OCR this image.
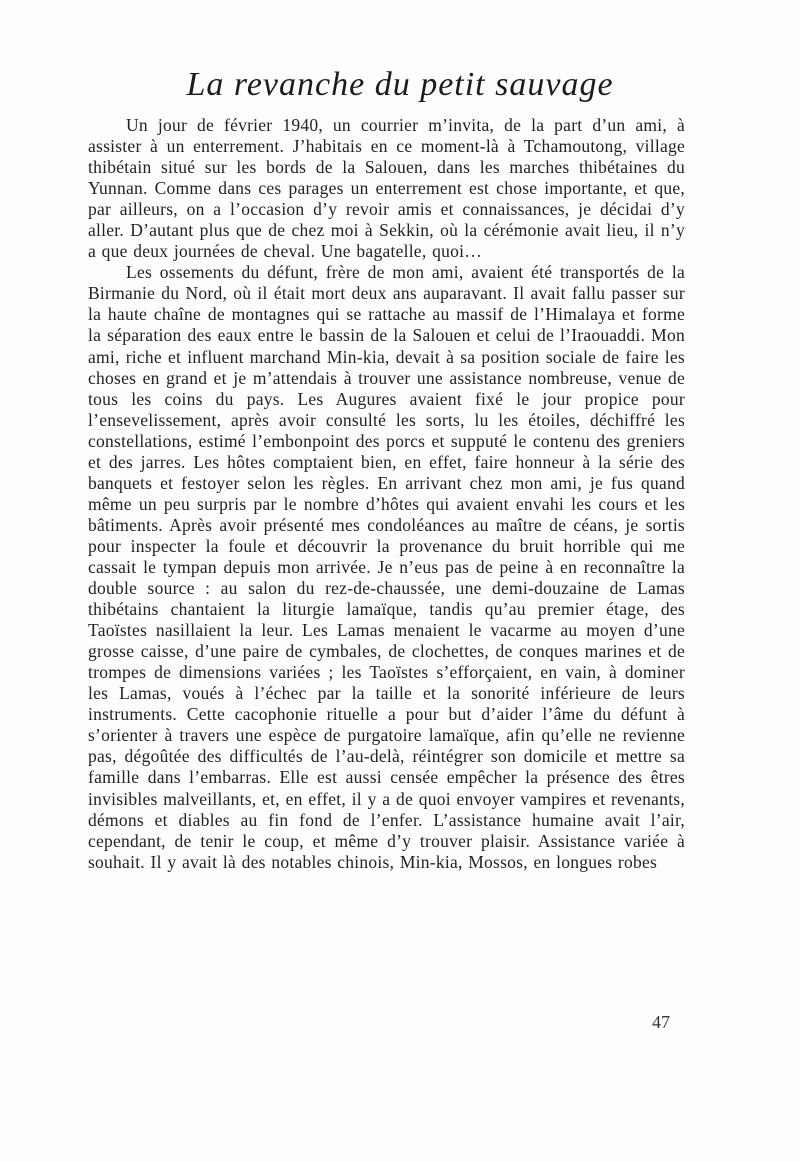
La revanche du petit sauvage

Un jour de février 1940, un courrier m’invita, de la part d’un ami, à assister à un enterrement. J’habitais en ce moment-là à Tchamoutong, village thibétain situé sur les bords de la Salouen, dans les marches thibétaines du Yunnan. Comme dans ces parages un enterrement est chose importante, et que, par ailleurs, on a l’occasion d’y revoir amis et connaissances, je décidai d’y aller. D’autant plus que de chez moi à Sekkin, où la cérémonie avait lieu, il n’y a que deux journées de cheval. Une bagatelle, quoi…

Les ossements du défunt, frère de mon ami, avaient été transportés de la Birmanie du Nord, où il était mort deux ans auparavant. Il avait fallu passer sur la haute chaîne de montagnes qui se rattache au massif de l’Himalaya et forme la séparation des eaux entre le bassin de la Salouen et celui de l’Iraouaddi. Mon ami, riche et influent marchand Min-kia, devait à sa position sociale de faire les choses en grand et je m’attendais à trouver une assistance nombreuse, venue de tous les coins du pays. Les Augures avaient fixé le jour propice pour l’ensevelissement, après avoir consulté les sorts, lu les étoiles, déchiffré les constellations, estimé l’embonpoint des porcs et supputé le contenu des greniers et des jarres. Les hôtes comptaient bien, en effet, faire honneur à la série des banquets et festoyer selon les règles. En arrivant chez mon ami, je fus quand même un peu surpris par le nombre d’hôtes qui avaient envahi les cours et les bâtiments. Après avoir présenté mes condoléances au maître de céans, je sortis pour inspecter la foule et découvrir la provenance du bruit horrible qui me cassait le tympan depuis mon arrivée. Je n’eus pas de peine à en reconnaître la double source : au salon du rez-de-chaussée, une demi-douzaine de Lamas thibétains chantaient la liturgie lamaïque, tandis qu’au premier étage, des Taoïstes nasillaient la leur. Les Lamas menaient le vacarme au moyen d’une grosse caisse, d’une paire de cymbales, de clochettes, de conques marines et de trompes de dimensions variées ; les Taoïstes s’efforçaient, en vain, à dominer les Lamas, voués à l’échec par la taille et la sonorité inférieure de leurs instruments. Cette cacophonie rituelle a pour but d’aider l’âme du défunt à s’orienter à travers une espèce de purgatoire lamaïque, afin qu’elle ne revienne pas, dégoûtée des difficultés de l’au-delà, réintégrer son domicile et mettre sa famille dans l’embarras. Elle est aussi censée empêcher la présence des êtres invisibles malveillants, et, en effet, il y a de quoi envoyer vampires et revenants, démons et diables au fin fond de l’enfer. L’assistance humaine avait l’air, cependant, de tenir le coup, et même d’y trouver plaisir. Assistance variée à souhait. Il y avait là des notables chinois, Min-kia, Mossos, en longues robes

47
